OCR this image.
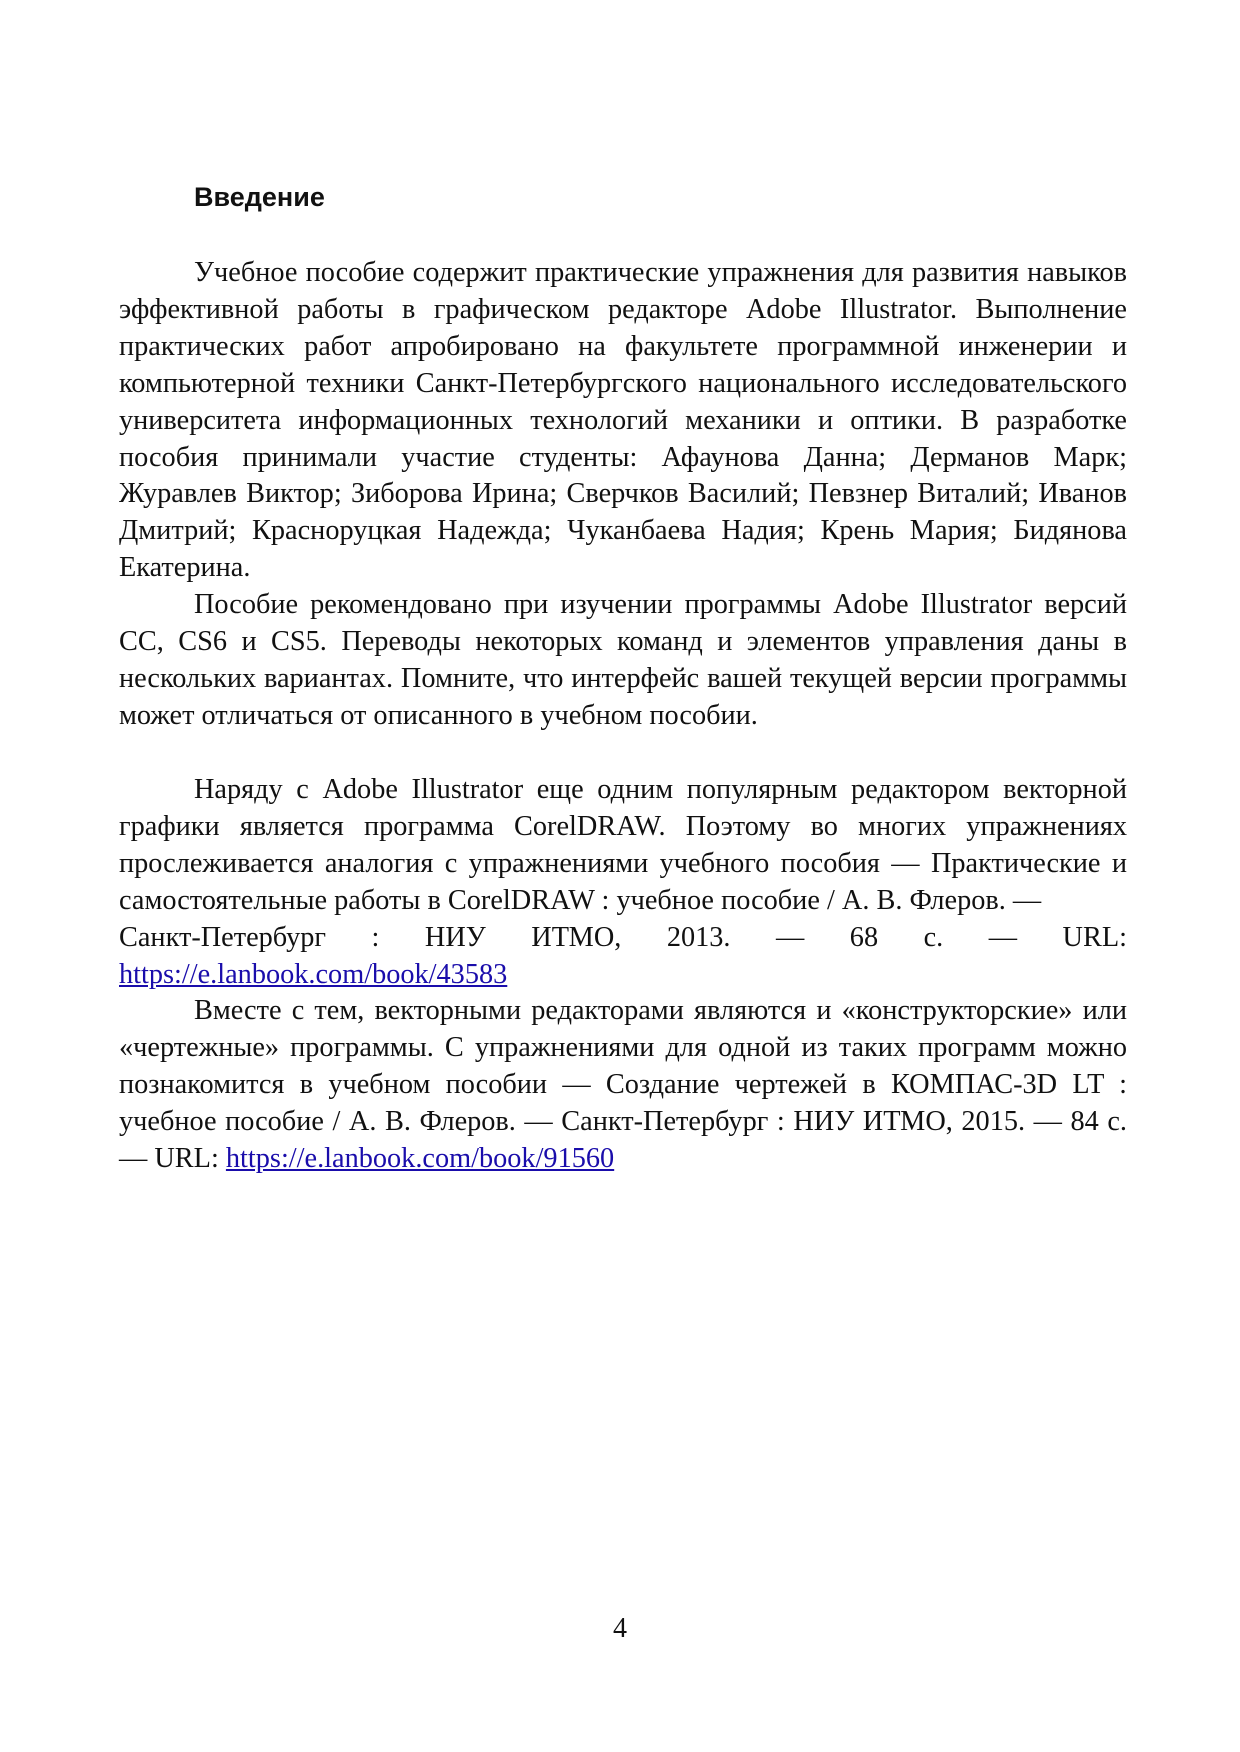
Введение

Учебное пособие содержит практические упражнения для развития навыков эффективной работы в графическом редакторе Adobe Illustrator. Выполнение практических работ апробировано на факультете программной инженерии и компьютерной техники Санкт-Петербургского национального исследовательского университета информационных технологий механики и оптики. В разработке пособия принимали участие студенты: Афаунова Данна; Дерманов Марк; Журавлев Виктор; Зиборова Ирина; Сверчков Василий; Певзнер Виталий; Иванов Дмитрий; Красноруцкая Надежда; Чуканбаева Надия; Крень Мария; Бидянова Екатерина.

Пособие рекомендовано при изучении программы Adobe Illustrator версий CC, CS6 и CS5. Переводы некоторых команд и элементов управления даны в нескольких вариантах. Помните, что интерфейс вашей текущей версии программы может отличаться от описанного в учебном пособии.

Наряду с Adobe Illustrator еще одним популярным редактором векторной графики является программа CorelDRAW. Поэтому во многих упражнениях прослеживается аналогия с упражнениями учебного пособия — Практические и самостоятельные работы в CorelDRAW : учебное пособие / А. В. Флеров. —
Санкт-Петербург : НИУ ИТМО, 2013. — 68 с. — URL:
https://e.lanbook.com/book/43583

Вместе с тем, векторными редакторами являются и «конструкторские» или «чертежные» программы. С упражнениями для одной из таких программ можно познакомится в учебном пособии — Создание чертежей в КОМПАС-3D LT : учебное пособие / А. В. Флеров. — Санкт-Петербург : НИУ ИТМО, 2015. — 84 с. — URL: https://e.lanbook.com/book/91560

4
